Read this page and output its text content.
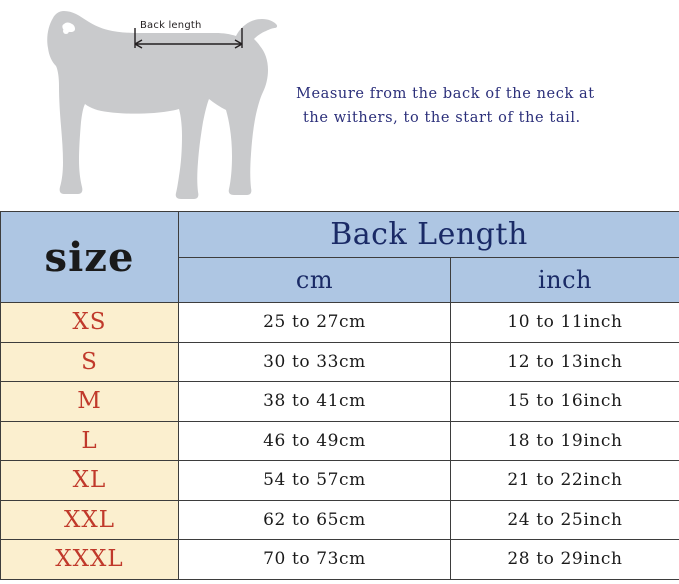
Back length
Measure from the back of the neck at
the withers, to the start of the tail.
size	Back Length	
	cm	inch
XS	25 to 27cm	10 to 11inch
S	30 to 33cm	12 to 13inch
M	38 to 41cm	15 to 16inch
L	46 to 49cm	18 to 19inch
XL	54 to 57cm	21 to 22inch
XXL	62 to 65cm	24 to 25inch
XXXL	70 to 73cm	28 to 29inch
